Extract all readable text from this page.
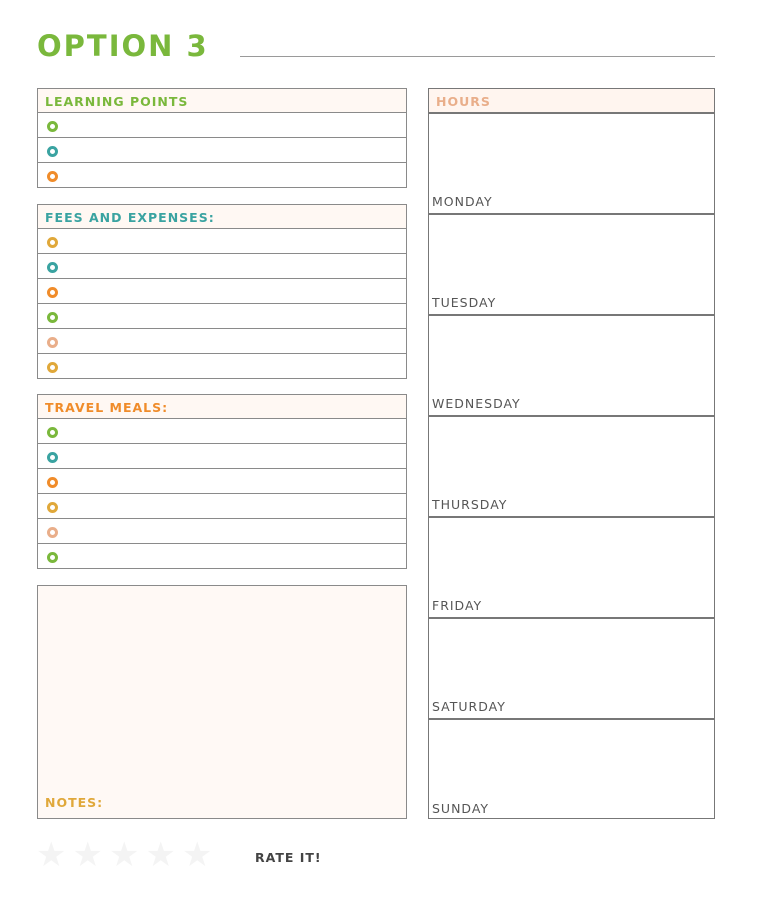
OPTION 3
LEARNING POINTS
FEES AND EXPENSES:
TRAVEL MEALS:
NOTES:
HOURS
MONDAY
TUESDAY
WEDNESDAY
THURSDAY
FRIDAY
SATURDAY
SUNDAY
★ ★ ★ ★ ★	RATE IT!
